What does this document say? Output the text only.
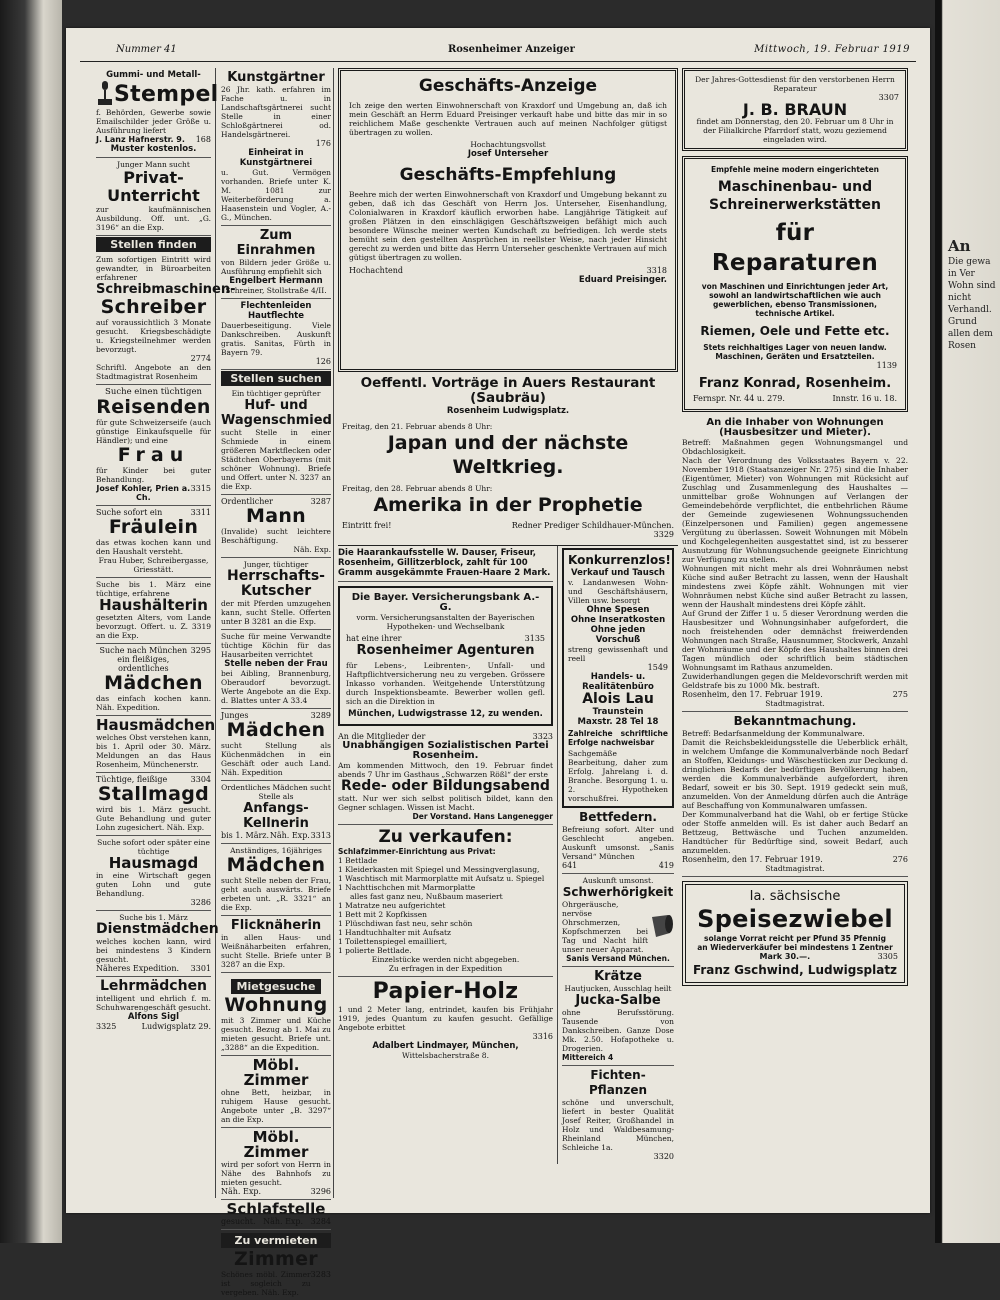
An
Die gewa in Ver Wohn sind nicht Verhandl. Grund allen dem Rosen
Nummer 41	Rosenheimer Anzeiger	Mittwoch, 19. Februar 1919
Gummi- und Metall-
Stempel
f. Behörden, Gewerbe sowie Emailschilder jeder Größe u. Ausführung liefert
J. Lanz Hafnerstr. 9. 168
Muster kostenlos.
Junger Mann sucht
Privat-Unterricht
zur kaufmännischen Ausbildung. Off. unt. „G. 3196“ an die Exp.
Stellen finden
Zum sofortigen Eintritt wird gewandter, in Büroarbeiten erfahrener
Schreibmaschinen-
Schreiber
auf voraussichtlich 3 Monate gesucht. Kriegsbeschädigte u. Kriegsteilnehmer werden bevorzugt.
2774
Schriftl. Angebote an den Stadtmagistrat Rosenheim
Suche einen tüchtigen
Reisenden
für gute Schweizerseife (auch günstige Einkaufsquelle für Händler); und eine
Frau
für Kinder bei guter Behandlung.
Josef Kohler, Prien a. Ch.
3315
Suche sofort ein	3311
Fräulein
das etwas kochen kann und den Haushalt versteht.
Frau Huber, Schreibergasse, Griesstätt.
Suche bis 1. März eine tüchtige, erfahrene
Haushälterin
gesetzten Alters, vom Lande bevorzugt. Offert. u. Z. 3319 an die Exp.
Suche nach München ein fleißiges, ordentliches
3295
Mädchen
das einfach kochen kann. Näh. Expedition.
Hausmädchen
welches Obst verstehen kann, bis 1. April oder 30. März. Meldungen an das Haus Rosenheim, Münchenerstr.
Tüchtige, fleißige	3304
Stallmagd
wird bis 1. März gesucht. Gute Behandlung und guter Lohn zugesichert. Näh. Exp.
Suche sofort oder später eine tüchtige
Hausmagd
in eine Wirtschaft gegen guten Lohn und gute Behandlung.
3286
Suche bis 1. März
Dienstmädchen
welches kochen kann, wird bei mindestens 3 Kindern gesucht.
Näheres Expedition. 3301
Lehrmädchen
intelligent und ehrlich f. m. Schuhwarengeschäft gesucht.
Alfons Sigl
3325	Ludwigsplatz 29.
Kunstgärtner
26 Jhr. kath. erfahren im Fache u. in Landschaftsgärtnerei sucht Stelle in einer Schloßgärtnerei od. Handelsgärtnerei.
176
Einheirat in Kunstgärtnerei
u. Gut. Vermögen vorhanden. Briefe unter K. M. 1081 zur Weiterbeförderung a. Haasenstein und Vogler, A.-G., München.
Zum Einrahmen
von Bildern jeder Größe u. Ausführung empfiehlt sich
Engelbert Hermann
Schreiner, Stollstraße 4/II.
Flechtenleiden Hautflechte
Dauerbeseitigung. Viele Dankschreiben. Auskunft gratis. Sanitas, Fürth in Bayern 79.
126
Stellen suchen
Ein tüchtiger geprüfter
Huf- und Wagenschmied
sucht Stelle in einer Schmiede in einem größeren Marktflecken oder Städtchen Oberbayerns (mit schöner Wohnung). Briefe und Offert. unter N. 3237 an die Exp.
Ordentlicher	3287
Mann
(Invalide) sucht leichtere Beschäftigung.
Näh. Exp.
Junger, tüchtiger
Herrschafts-Kutscher
der mit Pferden umzugehen kann, sucht Stelle. Offerten unter B 3281 an die Exp.
Suche für meine Verwandte tüchtige Köchin für das Hausarbeiten verrichtet
Stelle neben der Frau
bei Aibling, Brannenburg, Oberaudorf bevorzugt. Werte Angebote an die Exp. d. Blattes unter A 33.4
Junges	3289
Mädchen
sucht Stellung als Küchenmädchen in ein Geschäft oder auch Land. Näh. Expedition
Ordentliches Mädchen sucht Stelle als
Anfangs-Kellnerin
bis 1. März. Näh. Exp. 3313
Anständiges, 16jähriges
Mädchen
sucht Stelle neben der Frau, geht auch auswärts. Briefe erbeten unt. „R. 3321“ an die Exp.
Flicknäherin
in allen Haus- und Weißnäharbeiten erfahren, sucht Stelle. Briefe unter B 3287 an die Exp.
Mietgesuche
Wohnung
mit 3 Zimmer und Küche gesucht. Bezug ab 1. Mai zu mieten gesucht. Briefe unt. „3288“ an die Expedition.
Möbl. Zimmer
ohne Bett, heizbar, in ruhigem Hause gesucht. Angebote unter „B. 3297“ an die Exp.
Möbl. Zimmer
wird per sofort von Herrn in Nähe des Bahnhofs zu mieten gesucht.
Näh. Exp.	3296
Schlafstelle
gesucht. Näh. Exp. 3284
Zu vermieten
Zimmer
Schönes möbl. Zimmer ist sogleich zu vergeben. Näh. Exp.
3283
Geschäfts-Anzeige
Ich zeige den werten Einwohnerschaft von Kraxdorf und Umgebung an, daß ich mein Geschäft an Herrn Eduard Preisinger verkauft habe und bitte das mir in so reichlichem Maße geschenkte Vertrauen auch auf meinen Nachfolger gütigst übertragen zu wollen.
Hochachtungsvollst
Josef Unterseher
Geschäfts-Empfehlung
Beehre mich der werten Einwohnerschaft von Kraxdorf und Umgebung bekannt zu geben, daß ich das Geschäft von Herrn Jos. Unterseher, Eisenhandlung, Colonialwaren in Kraxdorf käuflich erworben habe. Langjährige Tätigkeit auf großen Plätzen in den einschlägigen Geschäftszweigen befähigt mich auch besondere Wünsche meiner werten Kundschaft zu befriedigen. Ich werde stets bemüht sein den gestellten Ansprüchen in reellster Weise, nach jeder Hinsicht gerecht zu werden und bitte das Herrn Unterseher geschenkte Vertrauen auf mich gütigst übertragen zu wollen.
Hochachtend	3318
Eduard Preisinger.
Oeffentl. Vorträge in Auers Restaurant (Saubräu)
Rosenheim Ludwigsplatz.
Freitag, den 21. Februar abends 8 Uhr:
Japan und der nächste Weltkrieg.
Freitag, den 28. Februar abends 8 Uhr:
Amerika in der Prophetie
Eintritt frei!	Redner Prediger Schildhauer-München.
3329
Die Haarankaufsstelle W. Dauser, Friseur, Rosenheim, Gillitzerblock, zahlt für 100 Gramm ausgekämmte Frauen-Haare 2 Mark.
Die Bayer. Versicherungsbank A.-G.
vorm. Versicherungsanstalten der Bayerischen Hypotheken- und Wechselbank
hat eine ihrer	3135
Rosenheimer Agenturen
für Lebens-, Leibrenten-, Unfall- und Haftpflichtversicherung neu zu vergeben. Grössere Inkasso vorhanden. Weitgehende Unterstützung durch Inspektionsbeamte. Bewerber wollen gefl. sich an die Direktion in
München, Ludwigstrasse 12, zu wenden.
An die Mitglieder der	3323
Unabhängigen Sozialistischen Partei Rosenheim.
Am kommenden Mittwoch, den 19. Februar findet abends 7 Uhr im Gasthaus „Schwarzen Rößl“ der erste
Rede- oder Bildungsabend
statt. Nur wer sich selbst politisch bildet, kann den Gegner schlagen. Wissen ist Macht.
Der Vorstand. Hans Langenegger
Zu verkaufen:
Schlafzimmer-Einrichtung aus Privat:
1 Bettlade
1 Kleiderkasten mit Spiegel und Messingverglasung,
1 Waschtisch mit Marmorplatte mit Aufsatz u. Spiegel
1 Nachttischchen mit Marmorplatte
alles fast ganz neu, Nußbaum maseriert
1 Matratze neu aufgerichtet
1 Bett mit 2 Kopfkissen
1 Plüschdiwan fast neu, sehr schön
1 Handtuchhalter mit Aufsatz
1 Toilettenspiegel emailliert,
1 polierte Bettlade.
Einzelstücke werden nicht abgegeben.
Zu erfragen in der Expedition
Papier-Holz
1 und 2 Meter lang, entrindet, kaufen bis Frühjahr 1919, jedes Quantum zu kaufen gesucht. Gefällige Angebote erbittet
3316
Adalbert Lindmayer, München,
Wittelsbacherstraße 8.
Konkurrenzlos!
Verkauf und Tausch
v. Landanwesen Wohn- und Geschäftshäusern, Villen usw. besorgt
Ohne Spesen
Ohne Inseratkosten
Ohne jeden Vorschuß
streng gewissenhaft und reell
1549
Handels- u. Realitätenbüro
Alois Lau
Traunstein
Maxstr. 28 Tel 18
Zahlreiche schriftliche Erfolge nachweisbar
Sachgemäße Bearbeitung, daher zum Erfolg. Jahrelang i. d. Branche. Besorgung 1. u. 2. Hypotheken vorschußfrei.
Bettfedern.
Befreiung sofort. Alter und Geschlecht angeben. Auskunft umsonst. „Sanis Versand“ München
641	419
Auskunft umsonst.
Schwerhörigkeit
Ohrgeräusche, nervöse Ohrschmerzen, Kopfschmerzen bei Tag und Nacht hilft unser neuer Apparat.
Sanis Versand München.
Krätze
Hautjucken, Ausschlag heilt
Jucka-Salbe
ohne Berufsstörung. Tausende von Dankschreiben. Ganze Dose Mk. 2.50. Hofapotheke u. Drogerien.
Mittereich 4
Fichten-Pflanzen
schöne und unverschult, liefert in bester Qualität Josef Reiter, Großhandel in Holz und Waldbesamung-Rheinland München, Schleiche 1a.
3320
Der Jahres-Gottesdienst für den verstorbenen Herrn Reparateur
3307
J. B. BRAUN
findet am Donnerstag, den 20. Februar um 8 Uhr in der Filialkirche Pfarrdorf statt, wozu geziemend eingeladen wird.
Empfehle meine modern eingerichteten
Maschinenbau- und Schreinerwerkstätten
für Reparaturen
von Maschinen und Einrichtungen jeder Art, sowohl an landwirtschaftlichen wie auch gewerblichen, ebenso Transmissionen, technische Artikel.
Riemen, Oele und Fette etc.
Stets reichhaltiges Lager von neuen landw. Maschinen, Geräten und Ersatzteilen.
1139
Franz Konrad, Rosenheim.
Fernspr. Nr. 44 u. 279.	Innstr. 16 u. 18.
An die Inhaber von Wohnungen (Hausbesitzer und Mieter).
Betreff: Maßnahmen gegen Wohnungsmangel und Obdachlosigkeit.
Nach der Verordnung des Volksstaates Bayern v. 22. November 1918 (Staatsanzeiger Nr. 275) sind die Inhaber (Eigentümer, Mieter) von Wohnungen mit Rücksicht auf Zuschlag und Zusammenlegung des Haushaltes — unmittelbar große Wohnungen auf Verlangen der Gemeindebehörde verpflichtet, die entbehrlichen Räume der Gemeinde zugewiesenen Wohnungssuchenden (Einzelpersonen und Familien) gegen angemessene Vergütung zu überlassen. Soweit Wohnungen mit Möbeln und Kochgelegenheiten ausgestattet sind, ist zu besserer Ausnutzung für Wohnungsuchende geeignete Einrichtung zur Verfügung zu stellen.
Wohnungen mit nicht mehr als drei Wohnräumen nebst Küche sind außer Betracht zu lassen, wenn der Haushalt mindestens zwei Köpfe zählt. Wohnungen mit vier Wohnräumen nebst Küche sind außer Betracht zu lassen, wenn der Haushalt mindestens drei Köpfe zählt.
Auf Grund der Ziffer 1 u. 5 dieser Verordnung werden die Hausbesitzer und Wohnungsinhaber aufgefordert, die noch freistehenden oder demnächst freiwerdenden Wohnungen nach Straße, Hausnummer, Stockwerk, Anzahl der Wohnräume und der Köpfe des Haushaltes binnen drei Tagen mündlich oder schriftlich beim städtischen Wohnungsamt im Rathaus anzumelden.
Zuwiderhandlungen gegen die Meldevorschrift werden mit Geldstrafe bis zu 1000 Mk. bestraft.
Rosenheim, den 17. Februar 1919.	275
Stadtmagistrat.
Bekanntmachung.
Betreff: Bedarfsanmeldung der Kommunalware.
Damit die Reichsbekleidungsstelle die Ueberblick erhält, in welchem Umfange die Kommunalverbände noch Bedarf an Stoffen, Kleidungs- und Wäschestücken zur Deckung d. dringlichen Bedarfs der bedürftigen Bevölkerung haben, werden die Kommunalverbände aufgefordert, ihren Bedarf, soweit er bis 30. Sept. 1919 gedeckt sein muß, anzumelden. Von der Anmeldung dürfen auch die Anträge auf Beschaffung von Kommunalwaren umfassen.
Der Kommunalverband hat die Wahl, ob er fertige Stücke oder Stoffe anmelden will. Es ist daher auch Bedarf an Bettzeug, Bettwäsche und Tuchen anzumelden. Handtücher für Bedürftige sind, soweit Bedarf, auch anzumelden.
Rosenheim, den 17. Februar 1919.	276
Stadtmagistrat.
Ia. sächsische
Speisezwiebel
solange Vorrat reicht per Pfund 35 Pfennig
an Wiederverkäufer bei mindestens 1 Zentner
Mark 30.—.	3305
Franz Gschwind, Ludwigsplatz
